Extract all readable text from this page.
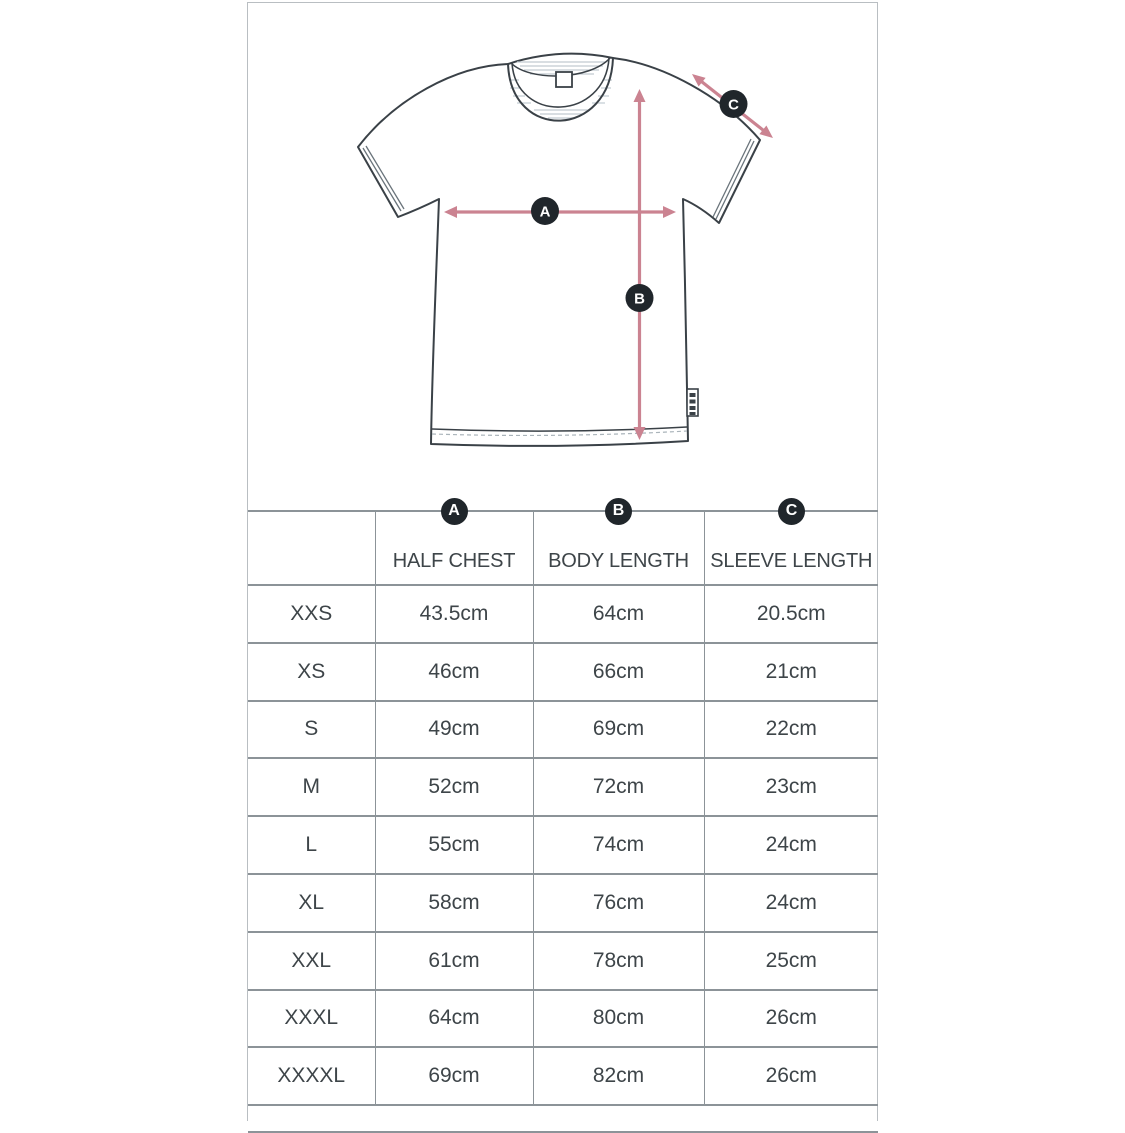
A
B
C
A	B	C
	HALF CHEST	BODY LENGTH	SLEEVE LENGTH
XXS	43.5cm	64cm	20.5cm
XS	46cm	66cm	21cm
S	49cm	69cm	22cm
M	52cm	72cm	23cm
L	55cm	74cm	24cm
XL	58cm	76cm	24cm
XXL	61cm	78cm	25cm
XXXL	64cm	80cm	26cm
XXXXL	69cm	82cm	26cm
